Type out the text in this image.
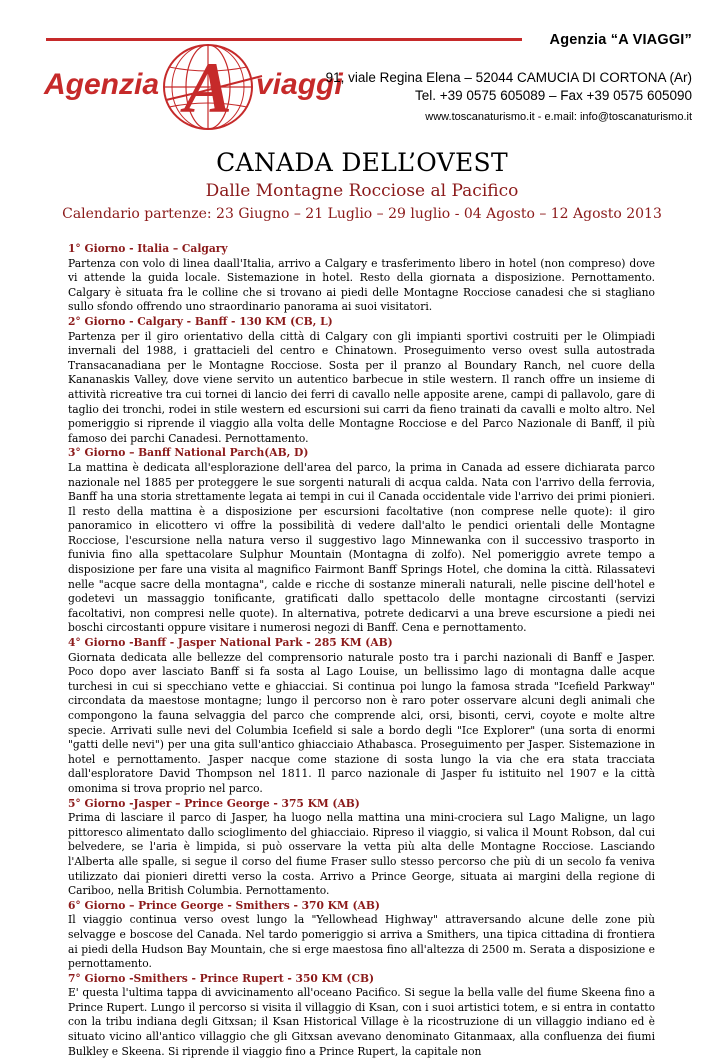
Agenzia “A VIAGGI”
A
Agenzia	viaggi
91, viale Regina Elena – 52044 CAMUCIA DI CORTONA (Ar)
Tel. +39 0575 605089 – Fax +39 0575 605090
www.toscanaturismo.it - e.mail: info@toscanaturismo.it
CANADA DELL’OVEST
Dalle Montagne Rocciose al Pacifico
Calendario partenze: 23 Giugno – 21 Luglio – 29 luglio - 04 Agosto – 12 Agosto 2013
1° Giorno - Italia – Calgary
Partenza con volo di linea daall'Italia, arrivo a Calgary e trasferimento libero in hotel (non compreso) dove vi attende la guida locale. Sistemazione in hotel. Resto della giornata a disposizione. Pernottamento. Calgary è situata fra le colline che si trovano ai piedi delle Montagne Rocciose canadesi che si stagliano sullo sfondo offrendo uno straordinario panorama ai suoi visitatori.
2° Giorno - Calgary - Banff - 130 KM (CB, L)
Partenza per il giro orientativo della città di Calgary con gli impianti sportivi costruiti per le Olimpiadi invernali del 1988, i grattacieli del centro e Chinatown. Proseguimento verso ovest sulla autostrada Transacanadiana per le Montagne Rocciose. Sosta per il pranzo al Boundary Ranch, nel cuore della Kananaskis Valley, dove viene servito un autentico barbecue in stile western. Il ranch offre un insieme di attività ricreative tra cui tornei di lancio dei ferri di cavallo nelle apposite arene, campi di pallavolo, gare di taglio dei tronchi, rodei in stile western ed escursioni sui carri da fieno trainati da cavalli e molto altro. Nel pomeriggio si riprende il viaggio alla volta delle Montagne Rocciose e del Parco Nazionale di Banff, il più famoso dei parchi Canadesi. Pernottamento.
3° Giorno – Banff National Parch(AB, D)
La mattina è dedicata all'esplorazione dell'area del parco, la prima in Canada ad essere dichiarata parco nazionale nel 1885 per proteggere le sue sorgenti naturali di acqua calda. Nata con l'arrivo della ferrovia, Banff ha una storia strettamente legata ai tempi in cui il Canada occidentale vide l'arrivo dei primi pionieri. Il resto della mattina è a disposizione per escursioni facoltative (non comprese nelle quote): il giro panoramico in elicottero vi offre la possibilità di vedere dall'alto le pendici orientali delle Montagne Rocciose, l'escursione nella natura verso il suggestivo lago Minnewanka con il successivo trasporto in funivia fino alla spettacolare Sulphur Mountain (Montagna di zolfo). Nel pomeriggio avrete tempo a disposizione per fare una visita al magnifico Fairmont Banff Springs Hotel, che domina la città. Rilassatevi nelle "acque sacre della montagna", calde e ricche di sostanze minerali naturali, nelle piscine dell'hotel e godetevi un massaggio tonificante, gratificati dallo spettacolo delle montagne circostanti (servizi facoltativi, non compresi nelle quote). In alternativa, potrete dedicarvi a una breve escursione a piedi nei boschi circostanti oppure visitare i numerosi negozi di Banff. Cena e pernottamento.
4° Giorno -Banff - Jasper National Park - 285 KM (AB)
Giornata dedicata alle bellezze del comprensorio naturale posto tra i parchi nazionali di Banff e Jasper. Poco dopo aver lasciato Banff si fa sosta al Lago Louise, un bellissimo lago di montagna dalle acque turchesi in cui si specchiano vette e ghiacciai. Si continua poi lungo la famosa strada "Icefield Parkway" circondata da maestose montagne; lungo il percorso non è raro poter osservare alcuni degli animali che compongono la fauna selvaggia del parco che comprende alci, orsi, bisonti, cervi, coyote e molte altre specie. Arrivati sulle nevi del Columbia Icefield si sale a bordo degli "Ice Explorer" (una sorta di enormi "gatti delle nevi") per una gita sull'antico ghiacciaio Athabasca. Proseguimento per Jasper. Sistemazione in hotel e pernottamento. Jasper nacque come stazione di sosta lungo la via che era stata tracciata dall'esploratore David Thompson nel 1811. Il parco nazionale di Jasper fu istituito nel 1907 e la città omonima si trova proprio nel parco.
5° Giorno -Jasper – Prince George - 375 KM (AB)
Prima di lasciare il parco di Jasper, ha luogo nella mattina una mini-crociera sul Lago Maligne, un lago pittoresco alimentato dallo scioglimento del ghiacciaio. Ripreso il viaggio, si valica il Mount Robson, dal cui belvedere, se l'aria è limpida, si può osservare la vetta più alta delle Montagne Rocciose. Lasciando l'Alberta alle spalle, si segue il corso del fiume Fraser sullo stesso percorso che più di un secolo fa veniva utilizzato dai pionieri diretti verso la costa. Arrivo a Prince George, situata ai margini della regione di Cariboo, nella British Columbia. Pernottamento.
6° Giorno – Prince George - Smithers - 370 KM (AB)
Il viaggio continua verso ovest lungo la "Yellowhead Highway" attraversando alcune delle zone più selvagge e boscose del Canada. Nel tardo pomeriggio si arriva a Smithers, una tipica cittadina di frontiera ai piedi della Hudson Bay Mountain, che si erge maestosa fino all'altezza di 2500 m. Serata a disposizione e pernottamento.
7° Giorno -Smithers - Prince Rupert - 350 KM (CB)
E' questa l'ultima tappa di avvicinamento all'oceano Pacifico. Si segue la bella valle del fiume Skeena fino a Prince Rupert. Lungo il percorso si visita il villaggio di Ksan, con i suoi artistici totem, e si entra in contatto con la tribu indiana degli Gitxsan; il Ksan Historical Village è la ricostruzione di un villaggio indiano ed è situato vicino all'antico villaggio che gli Gitxsan avevano denominato Gitanmaax, alla confluenza dei fiumi Bulkley e Skeena. Si riprende il viaggio fino a Prince Rupert, la capitale non
